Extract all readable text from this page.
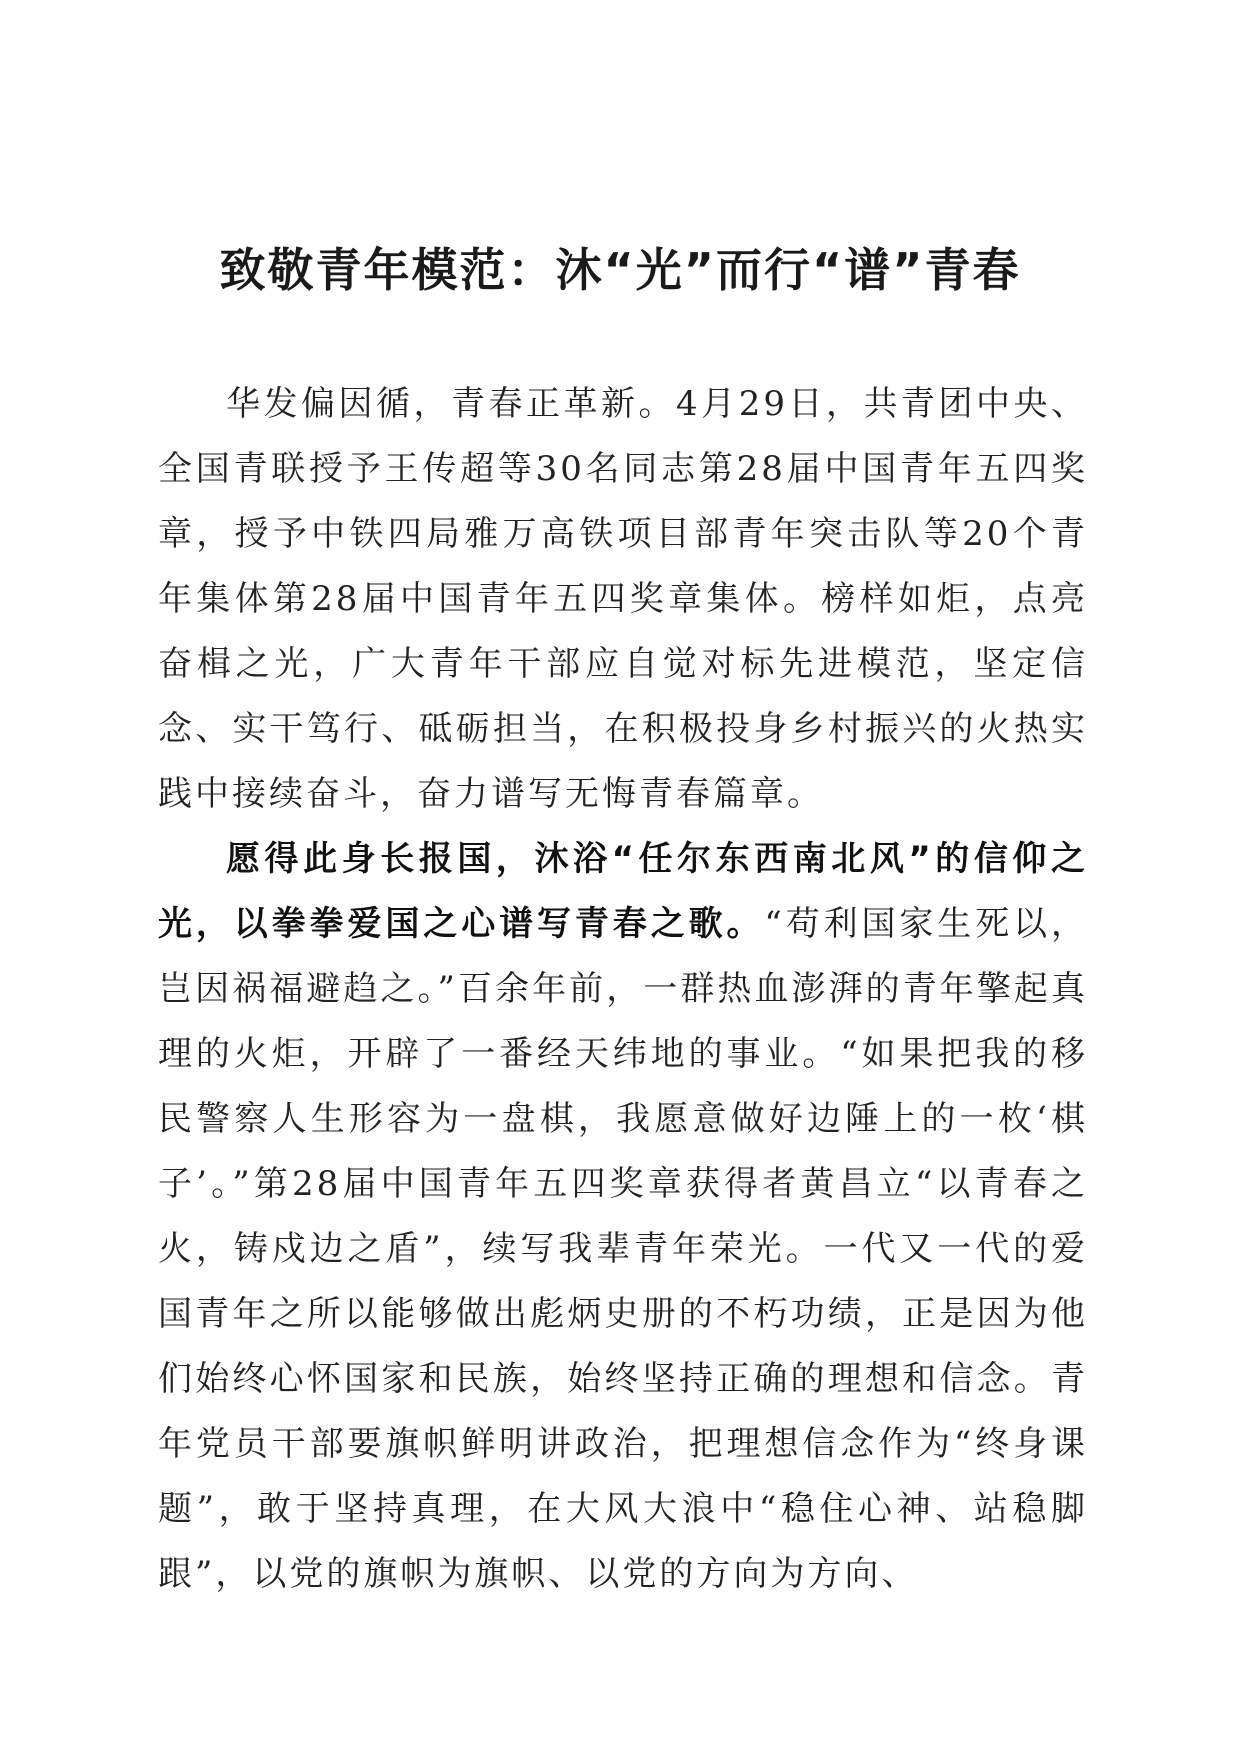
致敬青年模范：沐“光”而行“谱”青春

华发偏因循，青春正革新。4月29日，共青团中央、全国青联授予王传超等30名同志第28届中国青年五四奖章，授予中铁四局雅万高铁项目部青年突击队等20个青年集体第28届中国青年五四奖章集体。榜样如炬，点亮奋楫之光，广大青年干部应自觉对标先进模范，坚定信念、实干笃行、砥砺担当，在积极投身乡村振兴的火热实践中接续奋斗，奋力谱写无悔青春篇章。

愿得此身长报国，沐浴“任尔东西南北风”的信仰之光，以拳拳爱国之心谱写青春之歌。“苟利国家生死以，岂因祸福避趋之。”百余年前，一群热血澎湃的青年擎起真理的火炬，开辟了一番经天纬地的事业。“如果把我的移民警察人生形容为一盘棋，我愿意做好边陲上的一枚‘棋子’。”第28届中国青年五四奖章获得者黄昌立“以青春之火，铸戍边之盾”，续写我辈青年荣光。一代又一代的爱国青年之所以能够做出彪炳史册的不朽功绩，正是因为他们始终心怀国家和民族，始终坚持正确的理想和信念。青年党员干部要旗帜鲜明讲政治，把理想信念作为“终身课题”，敢于坚持真理，在大风大浪中“稳住心神、站稳脚跟”，以党的旗帜为旗帜、以党的方向为方向、
